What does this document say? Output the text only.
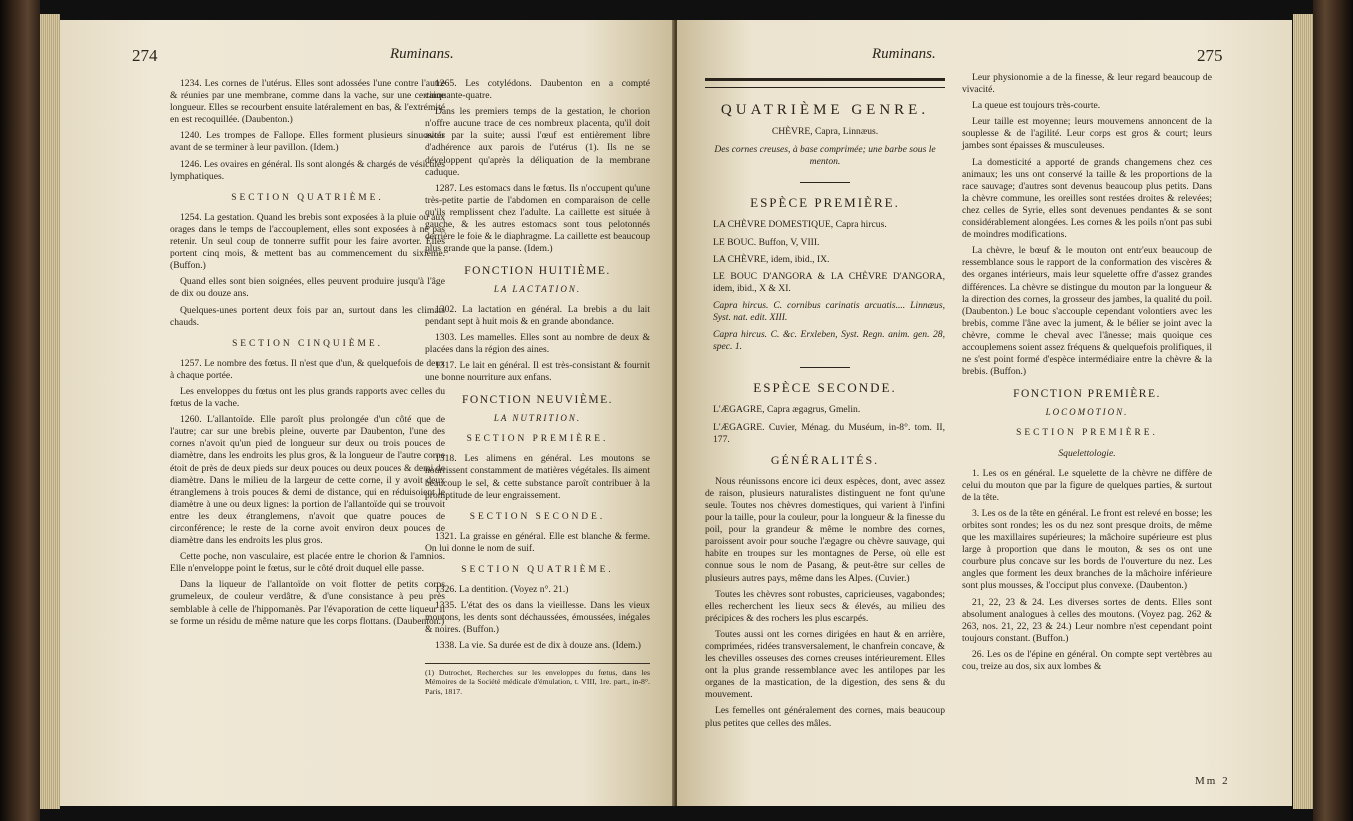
274	Ruminans.

1234. Les cornes de l'utérus. Elles sont adossées l'une contre l'autre & réunies par une membrane, comme dans la vache, sur une certaine longueur. Elles se recourbent ensuite latéralement en bas, & l'extrémité en est recoquillée. (Daubenton.)

1240. Les trompes de Fallope. Elles forment plusieurs sinuosités avant de se terminer à leur pavillon. (Idem.)

1246. Les ovaires en général. Ils sont alongés & chargés de vésicules lymphatiques.

SECTION QUATRIÈME.

1254. La gestation. Quand les brebis sont exposées à la pluie ou aux orages dans le temps de l'accouplement, elles sont exposées à ne pas retenir. Un seul coup de tonnerre suffit pour les faire avorter. Elles portent cinq mois, & mettent bas au commencement du sixième. (Buffon.)

Quand elles sont bien soignées, elles peuvent produire jusqu'à l'âge de dix ou douze ans.

Quelques-unes portent deux fois par an, surtout dans les climats chauds.

SECTION CINQUIÈME.

1257. Le nombre des fœtus. Il n'est que d'un, & quelquefois de deux à chaque portée.

Les enveloppes du fœtus ont les plus grands rapports avec celles du fœtus de la vache.

1260. L'allantoïde. Elle paroît plus prolongée d'un côté que de l'autre; car sur une brebis pleine, ouverte par Daubenton, l'une des cornes n'avoit qu'un pied de longueur sur deux ou trois pouces de diamètre, dans les endroits les plus gros, & la longueur de l'autre corne étoit de près de deux pieds sur deux pouces ou deux pouces & demi de diamètre. Dans le milieu de la largeur de cette corne, il y avoit deux étranglemens à trois pouces & demi de distance, qui en réduisoient le diamètre à une ou deux lignes: la portion de l'allantoïde qui se trouvoit entre les deux étranglemens, n'avoit que quatre pouces de circonférence; le reste de la corne avoit environ deux pouces de diamètre dans les endroits les plus gros.

Cette poche, non vasculaire, est placée entre le chorion & l'amnios. Elle n'enveloppe point le fœtus, sur le côté droit duquel elle passe.

Dans la liqueur de l'allantoïde on voit flotter de petits corps grumeleux, de couleur verdâtre, & d'une consistance à peu près semblable à celle de l'hippomanès. Par l'évaporation de cette liqueur il se forme un résidu de même nature que les corps flottans. (Daubenton.)

1265. Les cotylédons. Daubenton en a compté cinquante-quatre.

Dans les premiers temps de la gestation, le chorion n'offre aucune trace de ces nombreux placenta, qu'il doit avoir par la suite; aussi l'œuf est entièrement libre d'adhérence aux parois de l'utérus (1). Ils ne se développent qu'après la déliquation de la membrane caduque.

1287. Les estomacs dans le fœtus. Ils n'occupent qu'une très-petite partie de l'abdomen en comparaison de celle qu'ils remplissent chez l'adulte. La caillette est située à gauche, & les autres estomacs sont tous pelotonnés derrière le foie & le diaphragme. La caillette est beaucoup plus grande que la panse. (Idem.)

FONCTION HUITIÈME.
LA LACTATION.

1302. La lactation en général. La brebis a du lait pendant sept à huit mois & en grande abondance.

1303. Les mamelles. Elles sont au nombre de deux & placées dans la région des aines.

1317. Le lait en général. Il est très-consistant & fournit une bonne nourriture aux enfans.

FONCTION NEUVIÈME.
LA NUTRITION.
SECTION PREMIÈRE.

1318. Les alimens en général. Les moutons se nourrissent constamment de matières végétales. Ils aiment beaucoup le sel, & cette substance paroît contribuer à la promptitude de leur engraissement.

SECTION SECONDE.

1321. La graisse en général. Elle est blanche & ferme. On lui donne le nom de suif.

SECTION QUATRIÈME.

1326. La dentition. (Voyez n°. 21.)

1335. L'état des os dans la vieillesse. Dans les vieux moutons, les dents sont déchaussées, émoussées, inégales & noires. (Buffon.)

1338. La vie. Sa durée est de dix à douze ans. (Idem.)

(1) Dutrochet, Recherches sur les enveloppes du fœtus, dans les Mémoires de la Société médicale d'émulation, t. VIII, 1re. part., in-8°. Paris, 1817.
Ruminans.	275
QUATRIÈME GENRE.
CHÈVRE, Capra, Linnæus.

Des cornes creuses, à base comprimée; une barbe sous le menton.

ESPÈCE PREMIÈRE.

LA CHÈVRE DOMESTIQUE, Capra hircus.

LE BOUC. Buffon, V, VIII.

LA CHÈVRE, idem, ibid., IX.

LE BOUC D'ANGORA & LA CHÈVRE D'ANGORA, idem, ibid., X & XI.

Capra hircus. C. cornibus carinatis arcuatis.... Linnæus, Syst. nat. edit. XIII.

Capra hircus. C. &c. Erxleben, Syst. Regn. anim. gen. 28, spec. 1.

ESPÈCE SECONDE.

L'ÆGAGRE, Capra ægagrus, Gmelin.

L'ÆGAGRE. Cuvier, Ménag. du Muséum, in-8°. tom. II, 177.

GÉNÉRALITÉS.

Nous réunissons encore ici deux espèces, dont, avec assez de raison, plusieurs naturalistes distinguent ne font qu'une seule. Toutes nos chèvres domestiques, qui varient à l'infini pour la taille, pour la couleur, pour la longueur & la finesse du poil, pour la grandeur & même le nombre des cornes, paroissent avoir pour souche l'ægagre ou chèvre sauvage, qui habite en troupes sur les montagnes de Perse, où elle est connue sous le nom de Pasang, & peut-être sur celles de plusieurs autres pays, même dans les Alpes. (Cuvier.)

Toutes les chèvres sont robustes, capricieuses, vagabondes; elles recherchent les lieux secs & élevés, au milieu des précipices & des rochers les plus escarpés.

Toutes aussi ont les cornes dirigées en haut & en arrière, comprimées, ridées transversalement, le chanfrein concave, & les chevilles osseuses des cornes creuses intérieurement. Elles ont la plus grande ressemblance avec les antilopes par les organes de la mastication, de la digestion, des sens & du mouvement.

Les femelles ont généralement des cornes, mais beaucoup plus petites que celles des mâles.

Leur physionomie a de la finesse, & leur regard beaucoup de vivacité.

La queue est toujours très-courte.

Leur taille est moyenne; leurs mouvemens annoncent de la souplesse & de l'agilité. Leur corps est gros & court; leurs jambes sont épaisses & musculeuses.

La domesticité a apporté de grands changemens chez ces animaux; les uns ont conservé la taille & les proportions de la race sauvage; d'autres sont devenus beaucoup plus petits. Dans la chèvre commune, les oreilles sont restées droites & relevées; chez celles de Syrie, elles sont devenues pendantes & se sont considérablement alongées. Les cornes & les poils n'ont pas subi de moindres modifications.

La chèvre, le bœuf & le mouton ont entr'eux beaucoup de ressemblance sous le rapport de la conformation des viscères & des organes intérieurs, mais leur squelette offre d'assez grandes différences. La chèvre se distingue du mouton par la longueur & la direction des cornes, la grosseur des jambes, la qualité du poil. (Daubenton.) Le bouc s'accouple cependant volontiers avec les brebis, comme l'âne avec la jument, & le bélier se joint avec la chèvre, comme le cheval avec l'ânesse; mais quoique ces accouplemens soient assez fréquens & quelquefois prolifiques, il ne s'est point formé d'espèce intermédiaire entre la chèvre & la brebis. (Buffon.)

FONCTION PREMIÈRE.
LOCOMOTION.
SECTION PREMIÈRE.
Squelettologie.

1. Les os en général. Le squelette de la chèvre ne diffère de celui du mouton que par la figure de quelques parties, & surtout de la tête.

3. Les os de la tête en général. Le front est relevé en bosse; les orbites sont rondes; les os du nez sont presque droits, de même que les maxillaires supérieures; la mâchoire supérieure est plus large à proportion que dans le mouton, & ses os ont une courbure plus concave sur les bords de l'ouverture du nez. Les angles que forment les deux branches de la mâchoire inférieure sont plus mousses, & l'occiput plus convexe. (Daubenton.)

21, 22, 23 & 24. Les diverses sortes de dents. Elles sont absolument analogues à celles des moutons. (Voyez pag. 262 & 263, nos. 21, 22, 23 & 24.) Leur nombre n'est cependant point toujours constant. (Buffon.)

26. Les os de l'épine en général. On compte sept vertèbres au cou, treize au dos, six aux lombes &

Mm 2
